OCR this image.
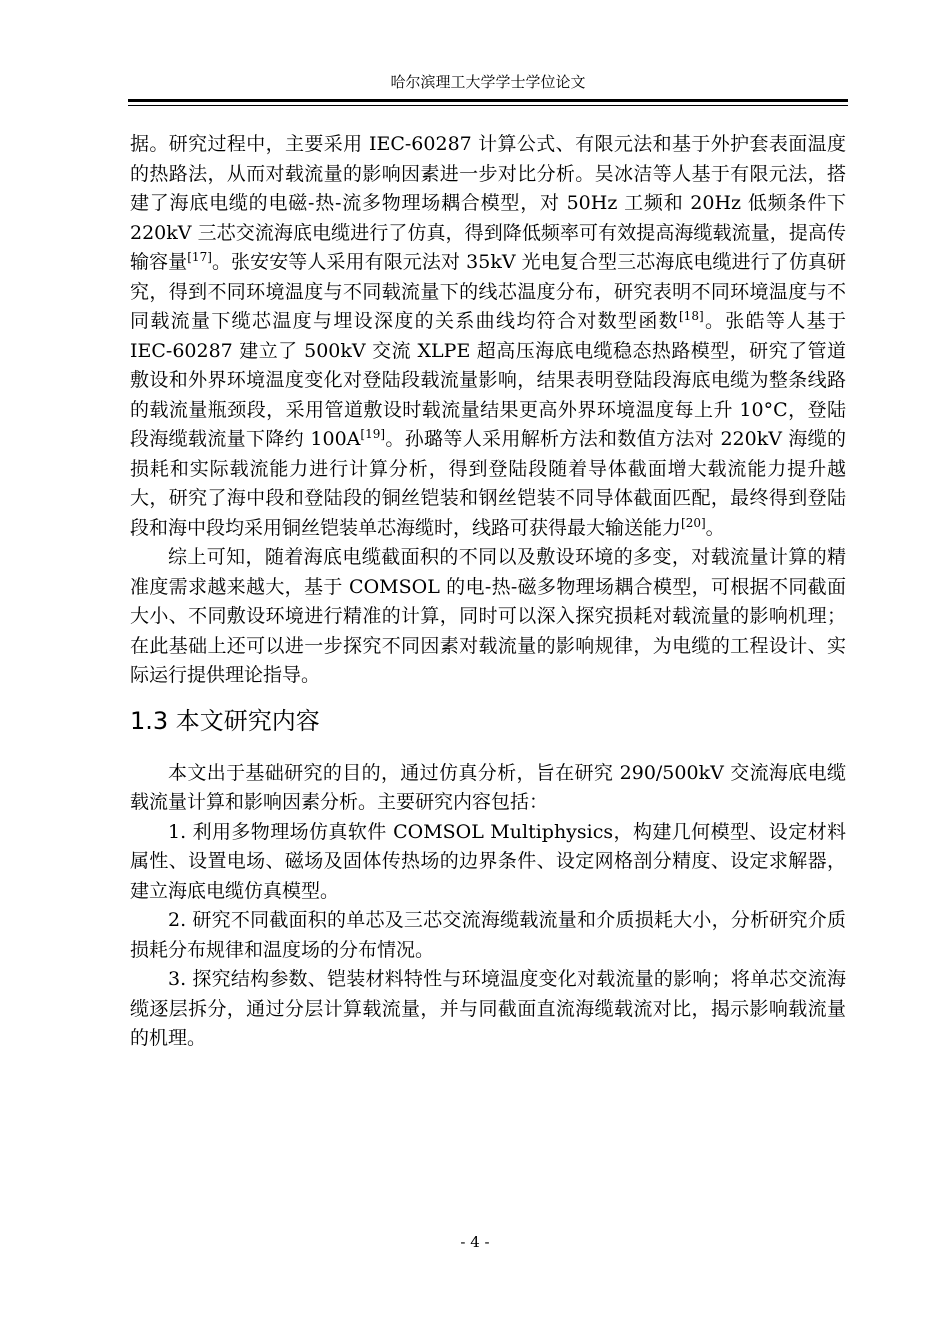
哈尔滨理工大学学士学位论文

据。研究过程中，主要采用 IEC-60287 计算公式、有限元法和基于外护套表面温度的热路法，从而对载流量的影响因素进一步对比分析。吴冰洁等人基于有限元法，搭建了海底电缆的电磁-热-流多物理场耦合模型，对 50Hz 工频和 20Hz 低频条件下 220kV 三芯交流海底电缆进行了仿真，得到降低频率可有效提高海缆载流量，提高传输容量[17]。张安安等人采用有限元法对 35kV 光电复合型三芯海底电缆进行了仿真研究，得到不同环境温度与不同载流量下的线芯温度分布，研究表明不同环境温度与不同载流量下缆芯温度与埋设深度的关系曲线均符合对数型函数[18]。张皓等人基于 IEC-60287 建立了 500kV 交流 XLPE 超高压海底电缆稳态热路模型，研究了管道敷设和外界环境温度变化对登陆段载流量影响，结果表明登陆段海底电缆为整条线路的载流量瓶颈段，采用管道敷设时载流量结果更高外界环境温度每上升 10°C，登陆段海缆载流量下降约 100A[19]。孙璐等人采用解析方法和数值方法对 220kV 海缆的损耗和实际载流能力进行计算分析，得到登陆段随着导体截面增大载流能力提升越大，研究了海中段和登陆段的铜丝铠装和钢丝铠装不同导体截面匹配，最终得到登陆段和海中段均采用铜丝铠装单芯海缆时，线路可获得最大输送能力[20]。

综上可知，随着海底电缆截面积的不同以及敷设环境的多变，对载流量计算的精准度需求越来越大，基于 COMSOL 的电-热-磁多物理场耦合模型，可根据不同截面大小、不同敷设环境进行精准的计算，同时可以深入探究损耗对载流量的影响机理；在此基础上还可以进一步探究不同因素对载流量的影响规律，为电缆的工程设计、实际运行提供理论指导。

1.3 本文研究内容

本文出于基础研究的目的，通过仿真分析，旨在研究 290/500kV 交流海底电缆载流量计算和影响因素分析。主要研究内容包括：

1. 利用多物理场仿真软件 COMSOL Multiphysics，构建几何模型、设定材料属性、设置电场、磁场及固体传热场的边界条件、设定网格剖分精度、设定求解器，建立海底电缆仿真模型。

2. 研究不同截面积的单芯及三芯交流海缆载流量和介质损耗大小，分析研究介质损耗分布规律和温度场的分布情况。

3. 探究结构参数、铠装材料特性与环境温度变化对载流量的影响；将单芯交流海缆逐层拆分，通过分层计算载流量，并与同截面直流海缆载流对比，揭示影响载流量的机理。

- 4 -
